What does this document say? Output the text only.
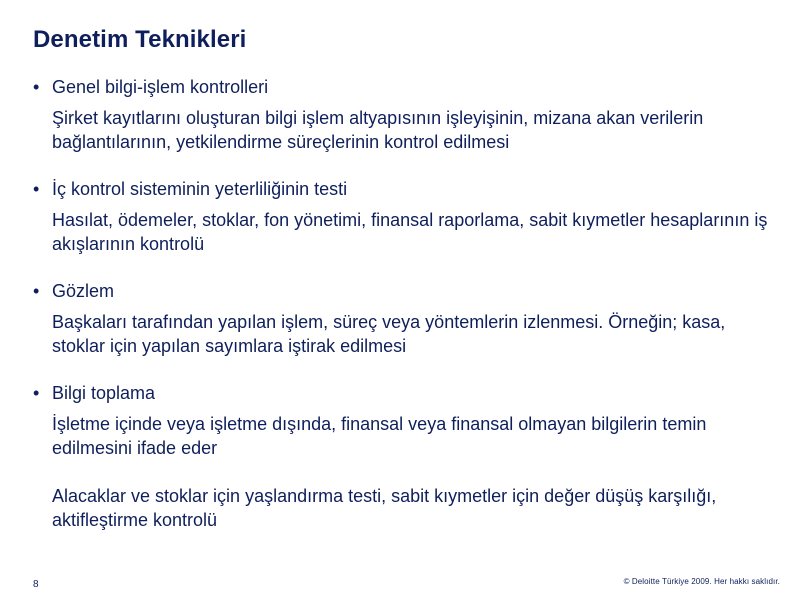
Denetim Teknikleri
• Genel bilgi-işlem kontrolleri
Şirket kayıtlarını oluşturan bilgi işlem altyapısının işleyişinin, mizana akan verilerin bağlantılarının, yetkilendirme süreçlerinin kontrol edilmesi
• İç kontrol sisteminin yeterliliğinin testi
Hasılat, ödemeler, stoklar, fon yönetimi, finansal raporlama, sabit kıymetler hesaplarının iş akışlarının kontrolü
• Gözlem
Başkaları tarafından yapılan işlem, süreç veya yöntemlerin izlenmesi. Örneğin; kasa, stoklar için yapılan sayımlara iştirak edilmesi
• Bilgi toplama
İşletme içinde veya işletme dışında, finansal veya finansal olmayan bilgilerin temin edilmesini ifade eder
Alacaklar ve stoklar için yaşlandırma testi, sabit kıymetler için değer düşüş karşılığı, aktifleştirme kontrolü
8	© Deloitte Türkiye 2009. Her hakkı saklıdır.
